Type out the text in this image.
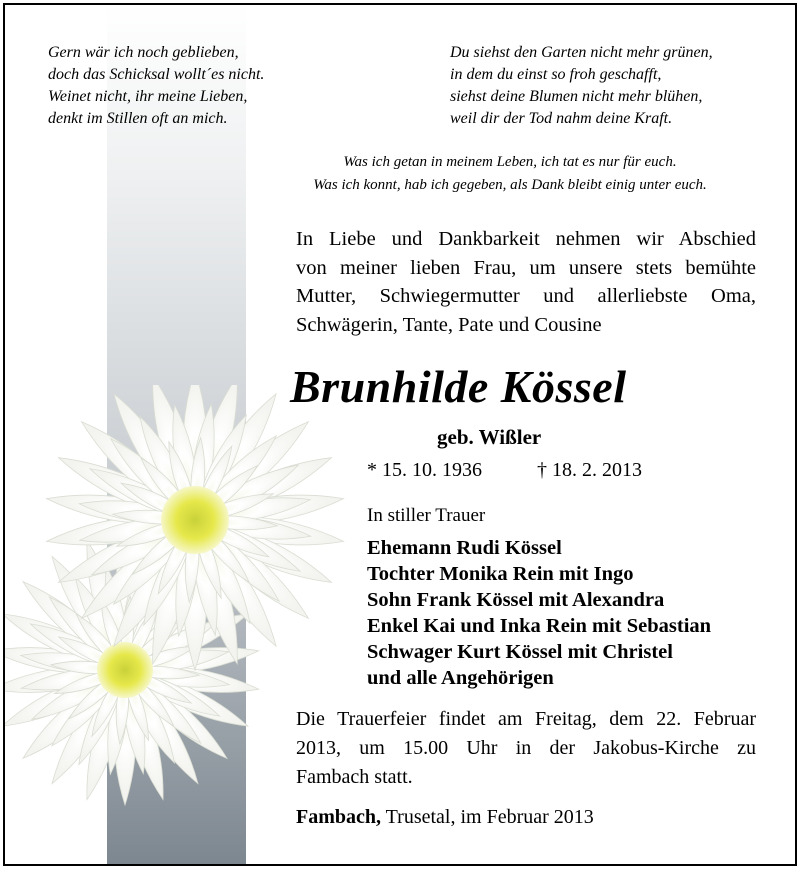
Gern wär ich noch geblieben,
doch das Schicksal wollt´es nicht.
Weinet nicht, ihr meine Lieben,
denkt im Stillen oft an mich.
Du siehst den Garten nicht mehr grünen,
in dem du einst so froh geschafft,
siehst deine Blumen nicht mehr blühen,
weil dir der Tod nahm deine Kraft.
Was ich getan in meinem Leben, ich tat es nur für euch.
Was ich konnt, hab ich gegeben, als Dank bleibt einig unter euch.
In Liebe und Dankbarkeit nehmen wir Abschied
von meiner lieben Frau, um unsere stets bemühte
Mutter, Schwiegermutter und allerliebste Oma,
Schwägerin, Tante, Pate und Cousine
Brunhilde Kössel
geb. Wißler
* 15. 10. 1936	† 18. 2. 2013
In stiller Trauer
Ehemann Rudi Kössel
Tochter Monika Rein mit Ingo
Sohn Frank Kössel mit Alexandra
Enkel Kai und Inka Rein mit Sebastian
Schwager Kurt Kössel mit Christel
und alle Angehörigen
Die Trauerfeier findet am Freitag, dem 22. Februar
2013, um 15.00 Uhr in der Jakobus-Kirche zu
Fambach statt.
Fambach, Trusetal, im Februar 2013
